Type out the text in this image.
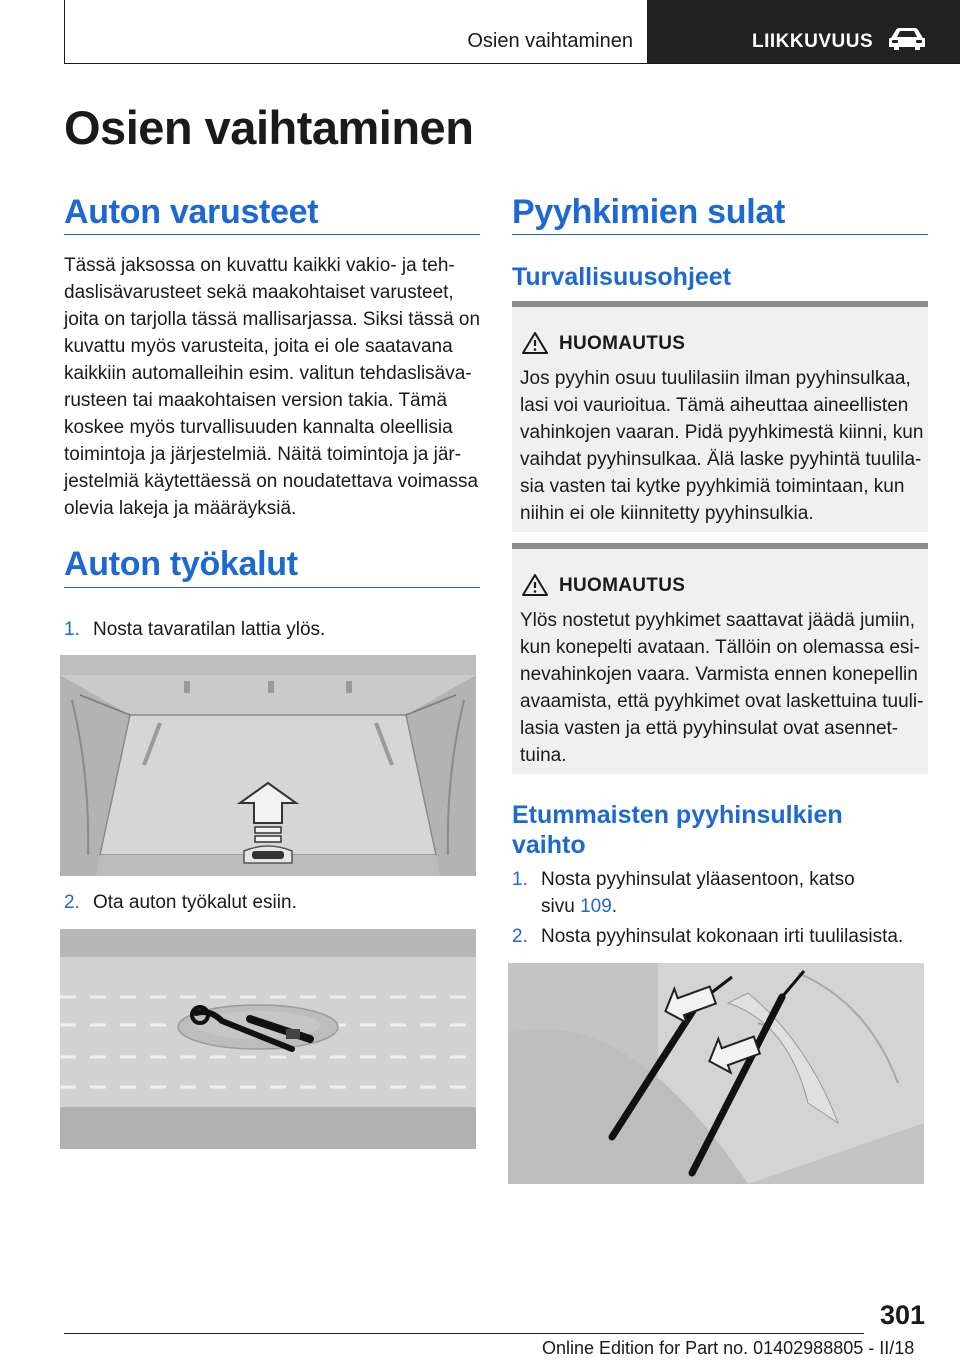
Osien vaihtaminen	LIIKKUVUUS
Osien vaihtaminen
Auton varusteet
Tässä jaksossa on kuvattu kaikki vakio- ja teh-daslisävarusteet sekä maakohtaiset varusteet, joita on tarjolla tässä mallisarjassa. Siksi tässä on kuvattu myös varusteita, joita ei ole saatavana kaikkiin automalleihin esim. valitun tehdaslisäva-rusteen tai maakohtaisen version takia. Tämä koskee myös turvallisuuden kannalta oleellisia toimintoja ja järjestelmiä. Näitä toimintoja ja jär-jestelmiä käytettäessä on noudatettava voimassa olevia lakeja ja määräyksiä.
Auton työkalut
1. Nosta tavaratilan lattia ylös.
2. Ota auton työkalut esiin.
Pyyhkimien sulat
Turvallisuusohjeet
HUOMAUTUS
Jos pyyhin osuu tuulilasiin ilman pyyhinsulkaa, lasi voi vaurioitua. Tämä aiheuttaa aineellisten vahinkojen vaaran. Pidä pyyhkimestä kiinni, kun vaihdat pyyhinsulkaa. Älä laske pyyhintä tuulila-sia vasten tai kytke pyyhkimiä toimintaan, kun niihin ei ole kiinnitetty pyyhinsulkia.
HUOMAUTUS
Ylös nostetut pyyhkimet saattavat jäädä jumiin, kun konepelti avataan. Tällöin on olemassa esi-nevahinkojen vaara. Varmista ennen konepellin avaamista, että pyyhkimet ovat laskettuina tuuli-lasia vasten ja että pyyhinsulat ovat asennet-tuina.
Etummaisten pyyhinsulkien vaihto
1. Nosta pyyhinsulat yläasentoon, katso sivu 109.
2. Nosta pyyhinsulat kokonaan irti tuulilasista.
301
Online Edition for Part no. 01402988805 - II/18
